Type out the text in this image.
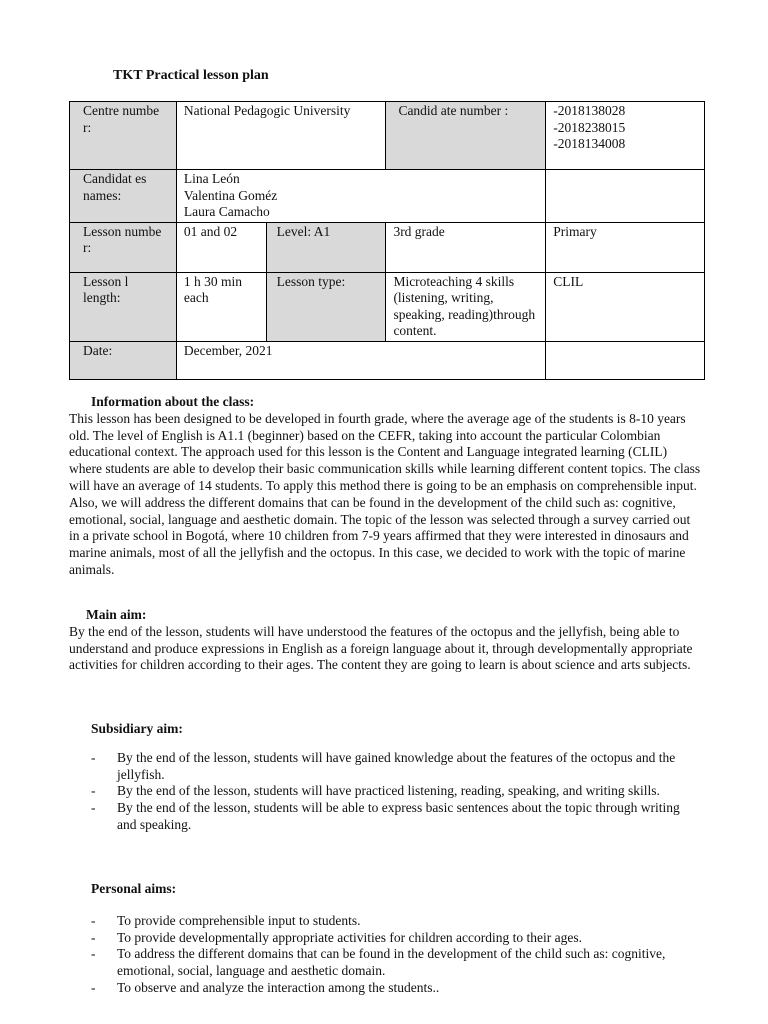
TKT Practical lesson plan
Centre numbe r:	National Pedagogic University		Candid ate number :	-2018138028
-2018238015
-2018134008

Candidat es names:	Lina León
Valentina Goméz
Laura Camacho			

Lesson numbe r:	01 and 02	Level: A1	3rd grade	Primary
Lesson l length:	1 h 30 min each	Lesson type:	Microteaching 4 skills (listening, writing, speaking, reading)through content.	CLIL
Date:	December, 2021			
Information about the class:

This lesson has been designed to be developed in fourth grade, where the average age of the students is 8-10 years old. The level of English is A1.1 (beginner) based on the CEFR, taking into account the particular Colombian educational context. The approach used for this lesson is the Content and Language integrated learning (CLIL) where students are able to develop their basic communication skills while learning different content topics. The class will have an average of 14 students. To apply this method there is going to be an emphasis on comprehensible input. Also, we will address the different domains that can be found in the development of the child such as: cognitive, emotional, social, language and aesthetic domain. The topic of the lesson was selected through a survey carried out in a private school in Bogotá, where 10 children from 7-9 years affirmed that they were interested in dinosaurs and marine animals, most of all the jellyfish and the octopus. In this case, we decided to work with the topic of marine animals.

Main aim:

By the end of the lesson, students will have understood the features of the octopus and the jellyfish, being able to understand and produce expressions in English as a foreign language about it, through developmentally appropriate activities for children according to their ages. The content they are going to learn is about science and arts subjects.

Subsidiary aim:
- By the end of the lesson, students will have gained knowledge about the features of the octopus and the jellyfish.
- By the end of the lesson, students will have practiced listening, reading, speaking, and writing skills.
- By the end of the lesson, students will be able to express basic sentences about the topic through writing and speaking.
Personal aims:
- To provide comprehensible input to students.
- To provide developmentally appropriate activities for children according to their ages.
- To address the different domains that can be found in the development of the child such as: cognitive, emotional, social, language and aesthetic domain.
- To observe and analyze the interaction among the students..
